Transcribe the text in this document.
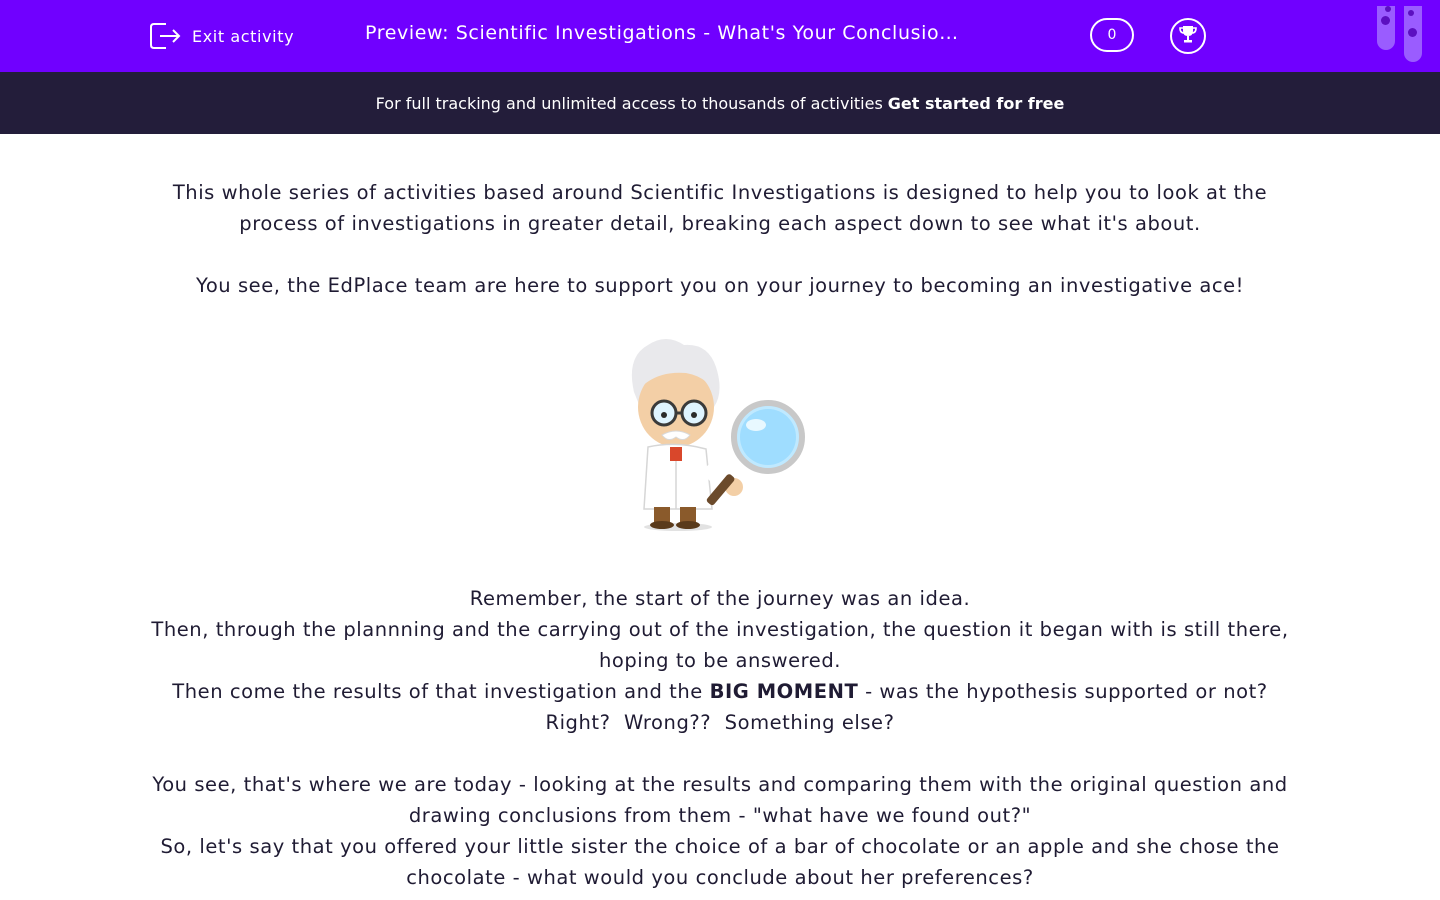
Exit activity	Preview: Scientific Investigations - What's Your Conclusio…	0
For full tracking and unlimited access to thousands of activities Get started for free

This whole series of activities based around Scientific Investigations is designed to help you to look at the process of investigations in greater detail, breaking each aspect down to see what it's about.

You see, the EdPlace team are here to support you on your journey to becoming an investigative ace!

Remember, the start of the journey was an idea.

Then, through the plannning and the carrying out of the investigation, the question it began with is still there, hoping to be answered.

Then come the results of that investigation and the BIG MOMENT - was the hypothesis supported or not?

Right?  Wrong??  Something else?

You see, that's where we are today - looking at the results and comparing them with the original question and drawing conclusions from them - "what have we found out?"

So, let's say that you offered your little sister the choice of a bar of chocolate or an apple and she chose the chocolate - what would you conclude about her preferences?
